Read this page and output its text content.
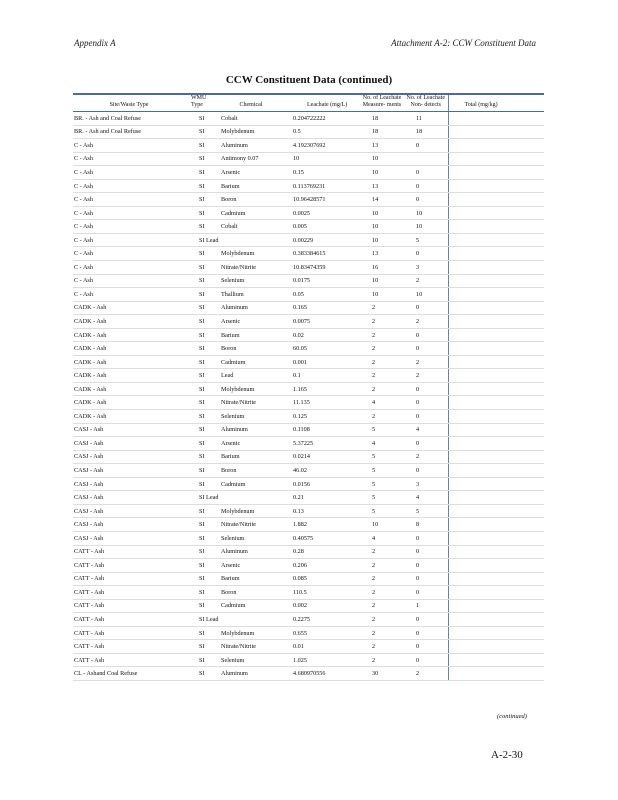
Appendix A	Attachment A-2: CCW Constituent Data
CCW Constituent Data (continued)
Site/Waste Type	WMU Type	Chemical	Leachate (mg/L)	No. of Leachate Measure- ments	No. of Leachate Non- detects	Total (mg/kg)
BR. - Ash and Coal Refuse	SI	Cobalt	0.204722222	18	11	
BR. - Ash and Coal Refuse	SI	Molybdenum	0.5	18	18	
C - Ash	SI	Aluminum	4.192307692	13	0	
C - Ash	SI	Antimony 0.07	10	10		
C - Ash	SI	Arsenic	0.15	10	0	
C - Ash	SI	Barium	0.113769231	13	0	
C - Ash	SI	Boron	10.96428571	14	0	
C - Ash	SI	Cadmium	0.0025	10	10	
C - Ash	SI	Cobalt	0.005	10	10	
C - Ash	SI Lead		0.00229	10	5	
C - Ash	SI	Molybdenum	0.383384615	13	0	
C - Ash	SI	Nitrate/Nitrite	10.83474359	16	3	
C - Ash	SI	Selenium	0.0175	10	2	
C - Ash	SI	Thallium	0.05	10	10	
CADK - Ash	SI	Aluminum	0.165	2	0	
CADK - Ash	SI	Arsenic	0.0075	2	2	
CADK - Ash	SI	Barium	0.02	2	0	
CADK - Ash	SI	Boron	60.05	2	0	
CADK - Ash	SI	Cadmium	0.001	2	2	
CADK - Ash	SI	Lead	0.1	2	2	
CADK - Ash	SI	Molybdenum	1.165	2	0	
CADK - Ash	SI	Nitrate/Nitrite	11.135	4	0	
CADK - Ash	SI	Selenium	0.125	2	0	
CASJ - Ash	SI	Aluminum	0.1108	5	4	
CASJ - Ash	SI	Arsenic	5.37225	4	0	
CASJ - Ash	SI	Barium	0.0214	5	2	
CASJ - Ash	SI	Boron	46.02	5	0	
CASJ - Ash	SI	Cadmium	0.0156	5	3	
CASJ - Ash	SI Lead		0.21	5	4	
CASJ - Ash	SI	Molybdenum	0.13	5	5	
CASJ - Ash	SI	Nitrate/Nitrite	1.882	10	8	
CASJ - Ash	SI	Selenium	0.40575	4	0	
CATT - Ash	SI	Aluminum	0.28	2	0	
CATT - Ash	SI	Arsenic	0.206	2	0	
CATT - Ash	SI	Barium	0.085	2	0	
CATT - Ash	SI	Boron	110.5	2	0	
CATT - Ash	SI	Cadmium	0.002	2	1	
CATT - Ash	SI Lead		0.2275	2	0	
CATT - Ash	SI	Molybdenum	0.655	2	0	
CATT - Ash	SI	Nitrate/Nitrite	0.01	2	0	
CATT - Ash	SI	Selenium	1.025	2	0	
CL - Ashand Coal Refuse	SI	Aluminum	4.680970556	30	2	
(continued)
A-2-30
